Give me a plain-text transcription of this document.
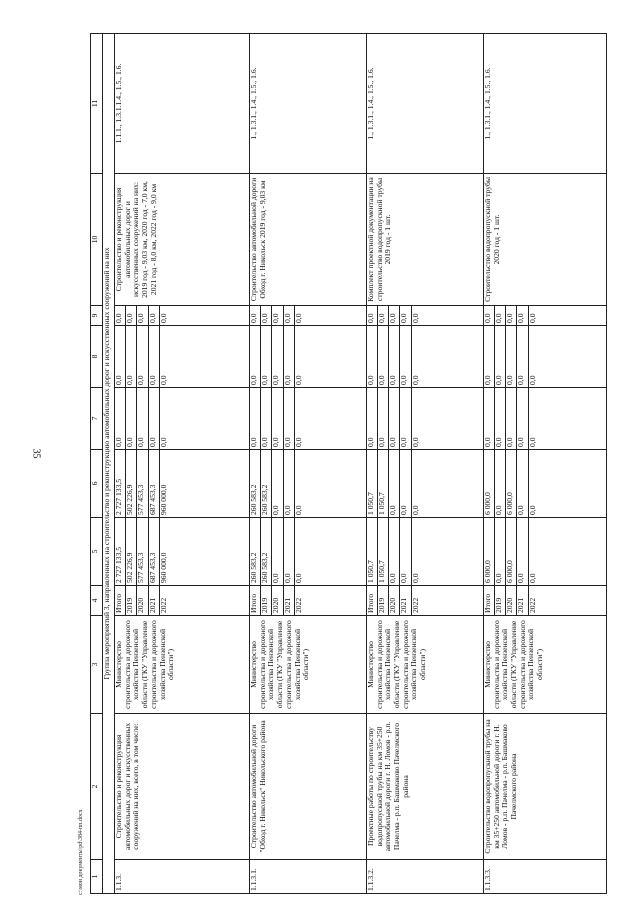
35
c:\мои документы\pd\384-пп.docx 1	2	3	4	5	6	7	8	9	10	11
Группа мероприятий 3, направленных на строительство и реконструкцию автомобильных дорог и искусственных сооружений на них										
1.1.3.	Строительство и реконструкция автомобильных дорог и искусственных сооружений на них, всего, в том числе:	Министерство строительства и дорожного хозяйства Пензенской области (ГКУ "Управление строительства и дорожного хозяйства Пензенской области")	Итого	2 727 133,5	2 727 133,5	0,0	0,0	0,0	Строительство и реконструкция автомобильных дорог и искусственных сооружений на них: 2019 год - 9,03 км, 2020 год - 7,0 км, 2021 год - 8,0 км, 2022 год - 9,0 км	1.1.1., 1.3.1.1.4., 1.5., 1.6.
			2019	502 226,9	502 226,9	0,0	0,0	0,0		
			2020	577 453,3	577 453,3	0,0	0,0	0,0		
			2021	687 453,3	687 453,3	0,0	0,0	0,0		
			2022	960 000,0	960 000,0	0,0	0,0	0,0		

1.1.3.1.	Строительство автомобильной дороги "Обход г. Никольск" Никольского района	Министерство строительства и дорожного хозяйства Пензенской области (ГКУ "Управление строительства и дорожного хозяйства Пензенской области")	Итого	260 583,2	260 583,2	0,0	0,0	0,0	Строительство автомобильной дороги Обход г. Никольск 2019 год - 9,03 км	1., 1.3.1., 1.4., 1.5., 1.6.
			2019	260 583,2	260 583,2	0,0	0,0	0,0		
			2020	0,0	0,0	0,0	0,0	0,0		
			2021	0,0	0,0	0,0	0,0	0,0		
			2022	0,0	0,0	0,0	0,0	0,0		

1.1.3.2.	Проектные работы по строительству водопропускной трубы на км 35+250 автомобильной дороги г. Н. Ломов - р.п. Пачелма - р.п. Башмаково Пачелмского района	Министерство строительства и дорожного хозяйства Пензенской области (ГКУ "Управление строительства и дорожного хозяйства Пензенской области")	Итого	1 050,7	1 050,7	0,0	0,0	0,0	Комплект проектной документации на строительство водопропускной трубы 2019 год - 1 шт.	1., 1.3.1., 1.4., 1.5., 1.6.
			2019	1 050,7	1 050,7	0,0	0,0	0,0		
			2020	0,0	0,0	0,0	0,0	0,0		
			2021	0,0	0,0	0,0	0,0	0,0		
			2022	0,0	0,0	0,0	0,0	0,0		

1.1.3.3.	Строительство водопропускной трубы на км 35+250 автомобильной дороги г. Н. Ломов - р.п. Пачелма - р.п. Башмаково Пачелмского района	Министерство строительства и дорожного хозяйства Пензенской области (ГКУ "Управление строительства и дорожного хозяйства Пензенской области")	Итого	6 000,0	6 000,0	0,0	0,0	0,0	Строительство водопропускной трубы 2020 год - 1 шт.	1., 1.3.1., 1.4., 1.5., 1.6.
			2019	0,0	0,0	0,0	0,0	0,0		
			2020	6 000,0	6 000,0	0,0	0,0	0,0		
			2021	0,0	0,0	0,0	0,0	0,0		
			2022	0,0	0,0	0,0	0,0	0,0		
